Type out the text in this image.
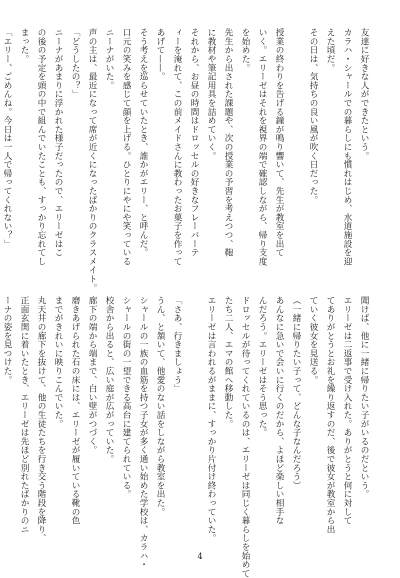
友達に好きな人ができたという。
カラハ・シャールでの暮らしにも慣れはじめ、水道施設を迎
えた頃だ。
その日は、気持ちの良い風が吹く日だった。

授業の終わりを告げる鐘が鳴り響いて、先生が教室を出て
いく。エリーゼはそれを視界の端で確認しながら、帰り支度
を始めた。
先生から出された課題や、次の授業の予習を考えつつ、鞄
に教材や筆記用具を詰めていく。
それから、お昼の時間はドロッセルの好きなフレーバーテ
ィーを淹れて、この前メイドさんに教わったお菓子を作って
あげて——。
そう考えを巡らせていたとき、誰かがエリー、と呼んだ。
口元の笑みを感じて顔を上げる。ひとりにやにや笑っている
ニーナがいた。
声の主は、最近になって席が近くになったばかりのクラスメイト。
「どうしたの？」
ニーナがあまりに浮かれた様子だったので、エリーゼはこ
の後の予定を頭の中で組んでいたことも、すっかり忘れてし
まった。
「エリー、ごめんね。今日は一人で帰ってくれない？」
聞けば、他に一緒に帰りたい子がいるのだという。
エリーゼは二返事で受け入れた。ありがとうと何に対して
てありがとうとお礼を繰り返すのだ、後で彼女が教室から出
ていく彼女を見送る。
（一緒に帰りたい子って、どんな子なんだろう）
あんなに急いで会いに行くのだから、よほど楽しい相手な
んだろう。エリーゼはそう思った。
ドロッセルが待ってくれているのは、エリーゼは同じく暮らしを始めて
たち二人、エマの館へ移動した。
エリーゼは言われるがままに、すっかり片付け終わっていた。

「さあ、行きましょう」
うん、と頷いて、他愛のない話をしながら教室を出た。
シャールの一族の血筋を持つ子女が多く通い始めた学校は、カラハ・
シャールの街の一望できる高台に建てられている。
校舎から出ると、広い庭が広がっていた。
廊下の端から端まで、白い壁がつづく。
磨きあげられた石の床には、エリーゼが履いている靴の色
までがきれいに映りこんでいた。
丸天井の廊下を抜けて、他の生徒たちを行き交う階段を降り、
正面玄関に着いたとき、エリーゼは先ほど別れたばかりのニ
ーナの姿を見つけた。
4
